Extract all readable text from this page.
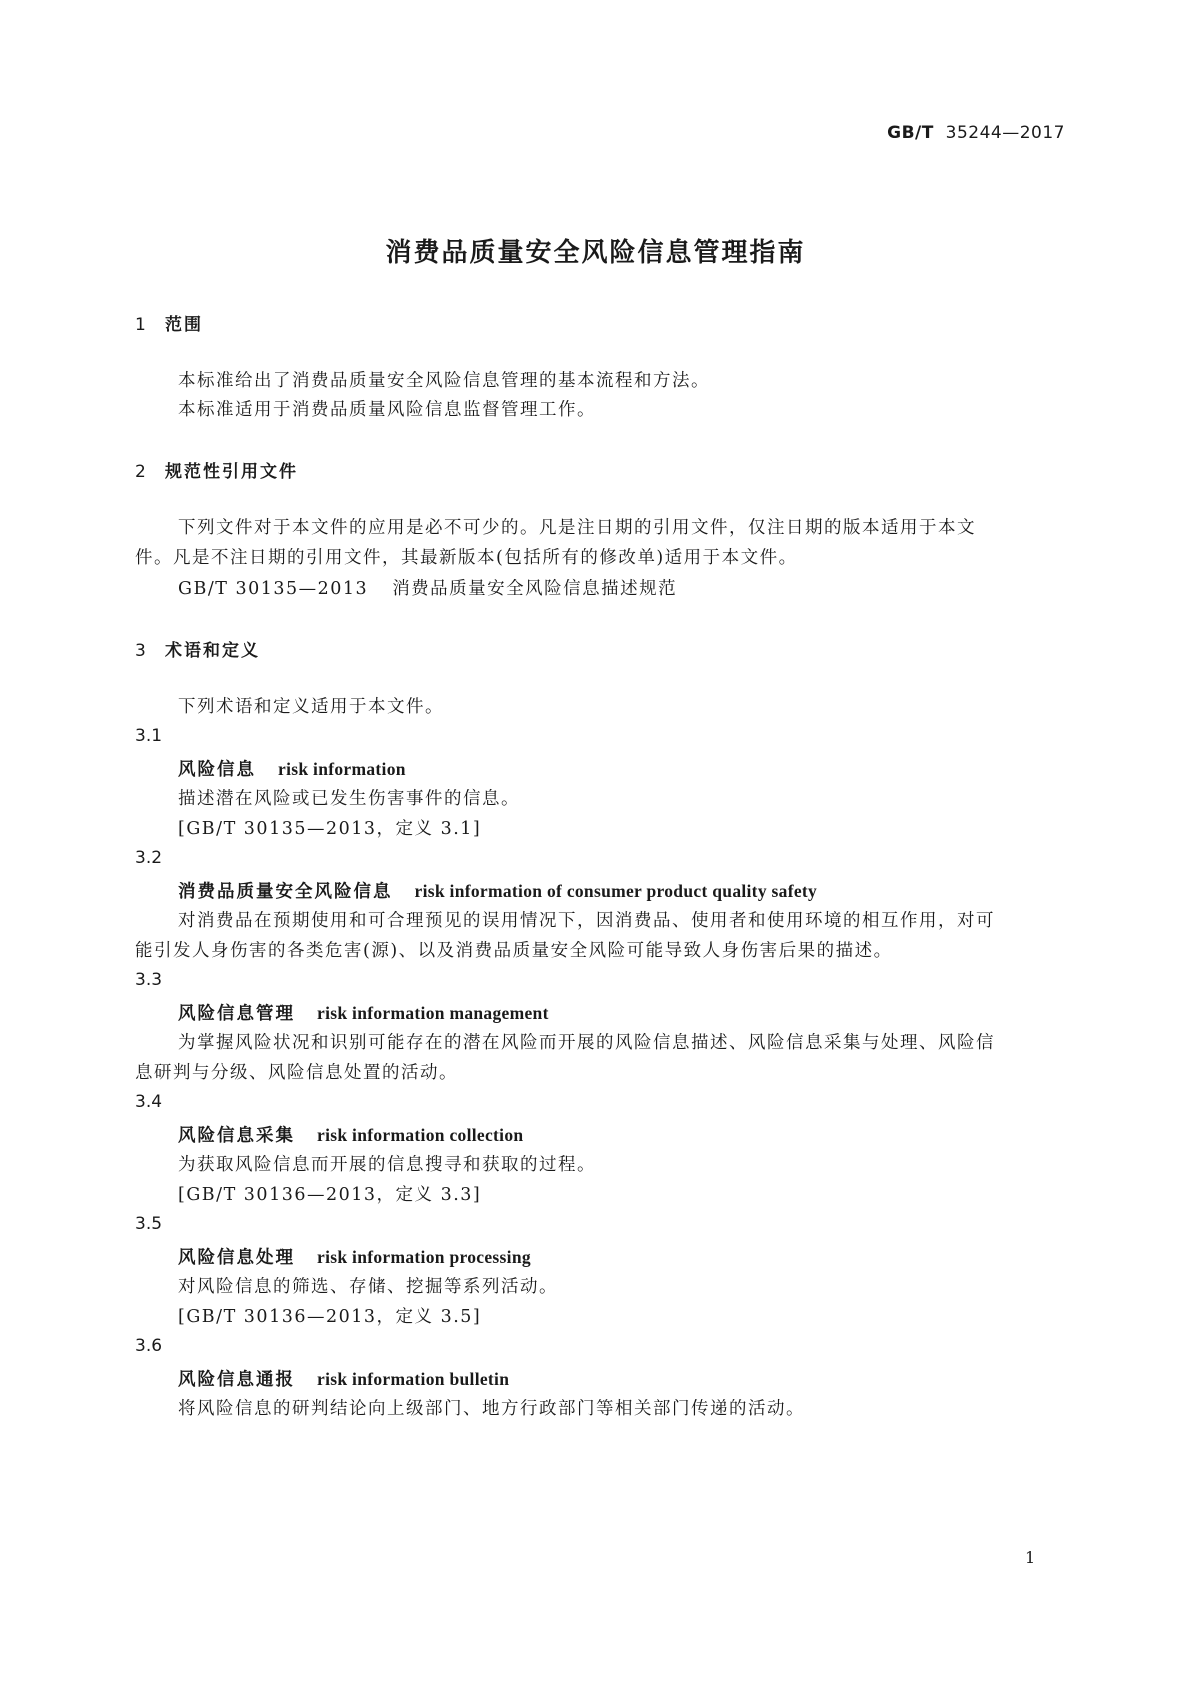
GB/T 35244—2017
消费品质量安全风险信息管理指南
1 范围
本标准给出了消费品质量安全风险信息管理的基本流程和方法。
本标准适用于消费品质量风险信息监督管理工作。
2 规范性引用文件
下列文件对于本文件的应用是必不可少的。凡是注日期的引用文件，仅注日期的版本适用于本文
件。凡是不注日期的引用文件，其最新版本(包括所有的修改单)适用于本文件。
GB/T 30135—2013 消费品质量安全风险信息描述规范
3 术语和定义
下列术语和定义适用于本文件。
3.1
风险信息 risk information
描述潜在风险或已发生伤害事件的信息。
[GB/T 30135—2013，定义 3.1]
3.2
消费品质量安全风险信息 risk information of consumer product quality safety
对消费品在预期使用和可合理预见的误用情况下，因消费品、使用者和使用环境的相互作用，对可
能引发人身伤害的各类危害(源)、以及消费品质量安全风险可能导致人身伤害后果的描述。
3.3
风险信息管理 risk information management
为掌握风险状况和识别可能存在的潜在风险而开展的风险信息描述、风险信息采集与处理、风险信
息研判与分级、风险信息处置的活动。
3.4
风险信息采集 risk information collection
为获取风险信息而开展的信息搜寻和获取的过程。
[GB/T 30136—2013，定义 3.3]
3.5
风险信息处理 risk information processing
对风险信息的筛选、存储、挖掘等系列活动。
[GB/T 30136—2013，定义 3.5]
3.6
风险信息通报 risk information bulletin
将风险信息的研判结论向上级部门、地方行政部门等相关部门传递的活动。
1
